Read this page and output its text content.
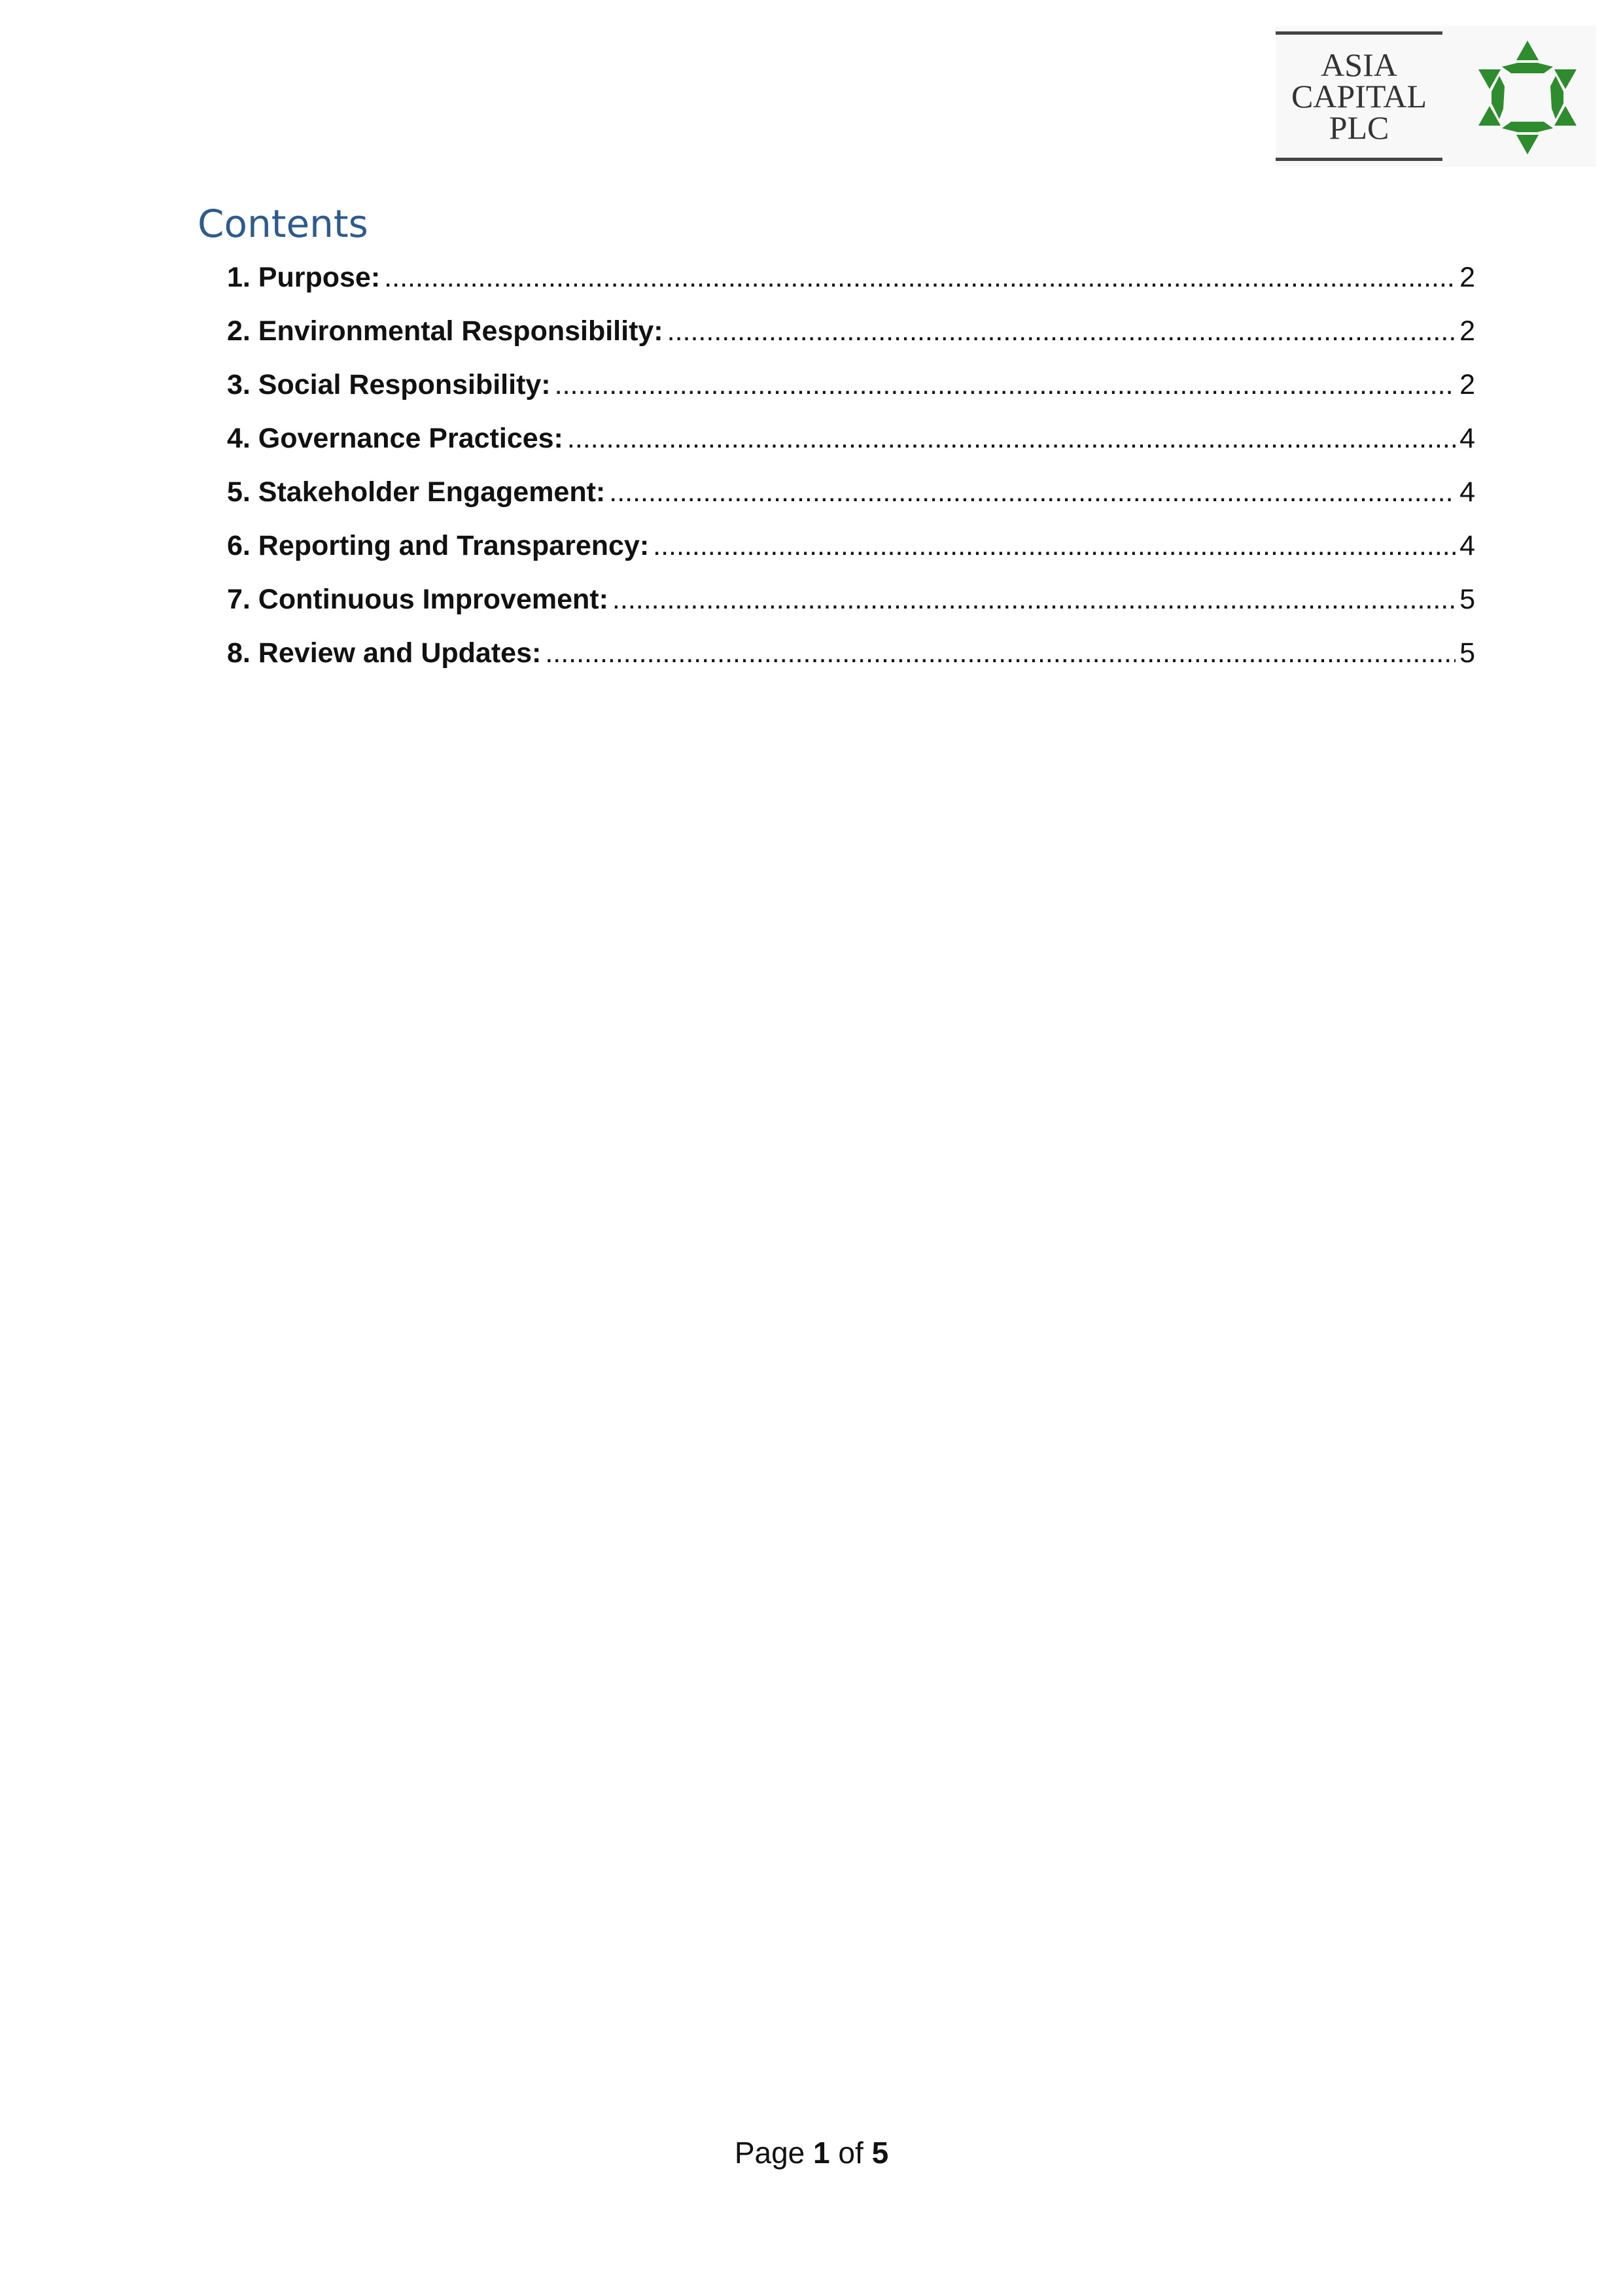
ASIA
CAPITAL
PLC
Contents
1. Purpose: .....	2
2. Environmental Responsibility: .....	2
3. Social Responsibility: .....	2
4. Governance Practices: .....	4
5. Stakeholder Engagement: .....	4
6. Reporting and Transparency: .....	4
7. Continuous Improvement: .....	5
8. Review and Updates: .....	5
Page 1 of 5
